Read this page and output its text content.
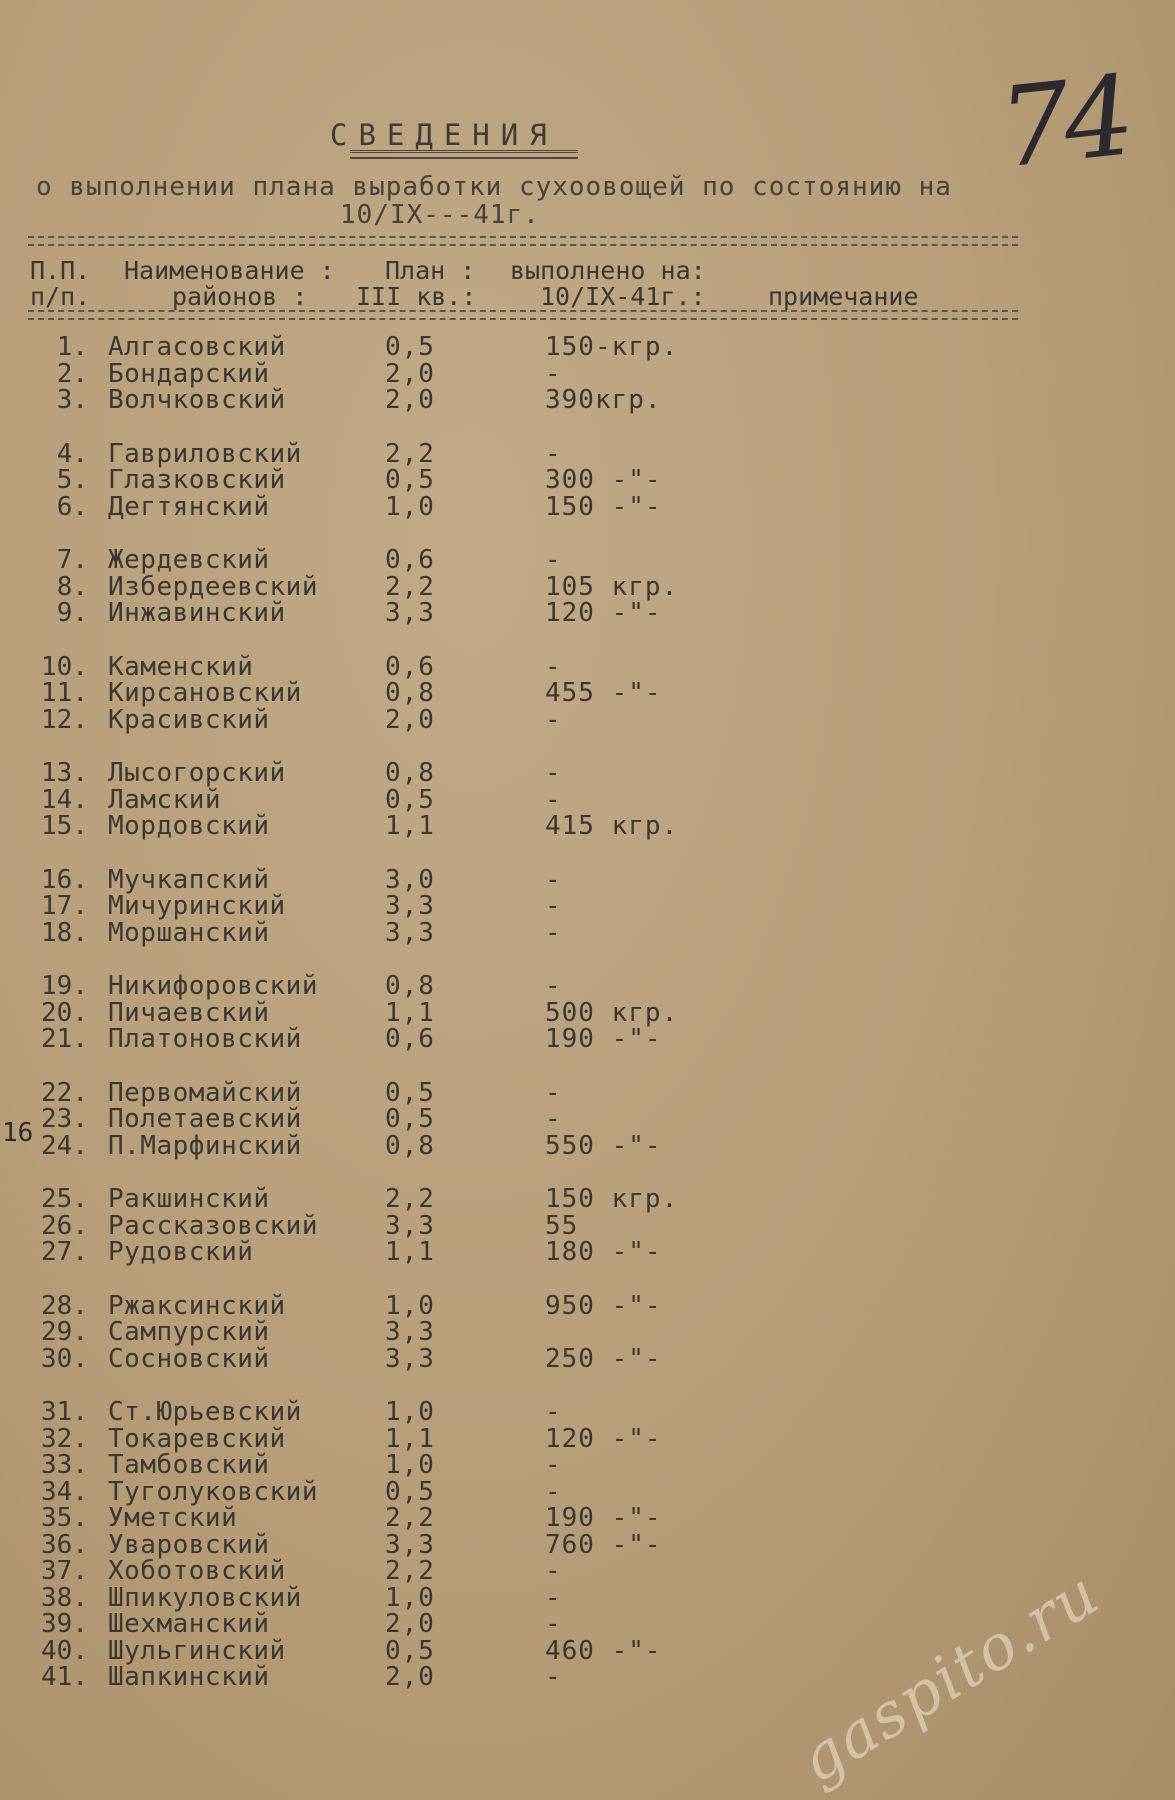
74
СВЕДЕНИЯ
о выполнении плана выработки сухоовощей по состоянию на
10/IX---41г.
П.П. Наименование : План : выполнено на:
п/п.	районов : III кв.:	10/IX-41г.: примечание
1. Алгасовский	0,5	150-кгр.
2. Бондарский	2,0	-
3. Волчковский	2,0	390кгр.
4. Гавриловский	2,2	-
5. Глазковский	0,5	300 -"-
6. Дегтянский	1,0	150 -"-
7. Жердевский	0,6	-
8. Избердеевский	2,2	105 кгр.
9. Инжавинский	3,3	120 -"-
10. Каменский	0,6	-
11. Кирсановский	0,8	455 -"-
12. Красивский	2,0	-
13. Лысогорский	0,8	-
14. Ламский	0,5	-
15. Мордовский	1,1	415 кгр.
16. Мучкапский	3,0	-
17. Мичуринский	3,3	-
18. Моршанский	3,3	-
19. Никифоровский	0,8	-
20. Пичаевский	1,1	500 кгр.
21. Платоновский	0,6	190 -"-
22. Первомайский	0,5	-
23. Полетаевский	0,5	-
24. П.Марфинский	0,8	550 -"-
25. Ракшинский	2,2	150 кгр.
26. Рассказовский	3,3	55
27. Рудовский	1,1	180 -"-
28. Ржаксинский	1,0	950 -"-
29. Сампурский	3,3
30. Сосновский	3,3	250 -"-
31. Ст.Юрьевский	1,0	-
32. Токаревский	1,1	120 -"-
33. Тамбовский	1,0	-
34. Туголуковский	0,5	-
35. Уметский	2,2	190 -"-
36. Уваровский	3,3	760 -"-
37. Хоботовский	2,2	-
38. Шпикуловский	1,0	-
39. Шехманский	2,0	-
40. Шульгинский	0,5	460 -"-
41. Шапкинский	2,0	-
16
gaspito.ru
